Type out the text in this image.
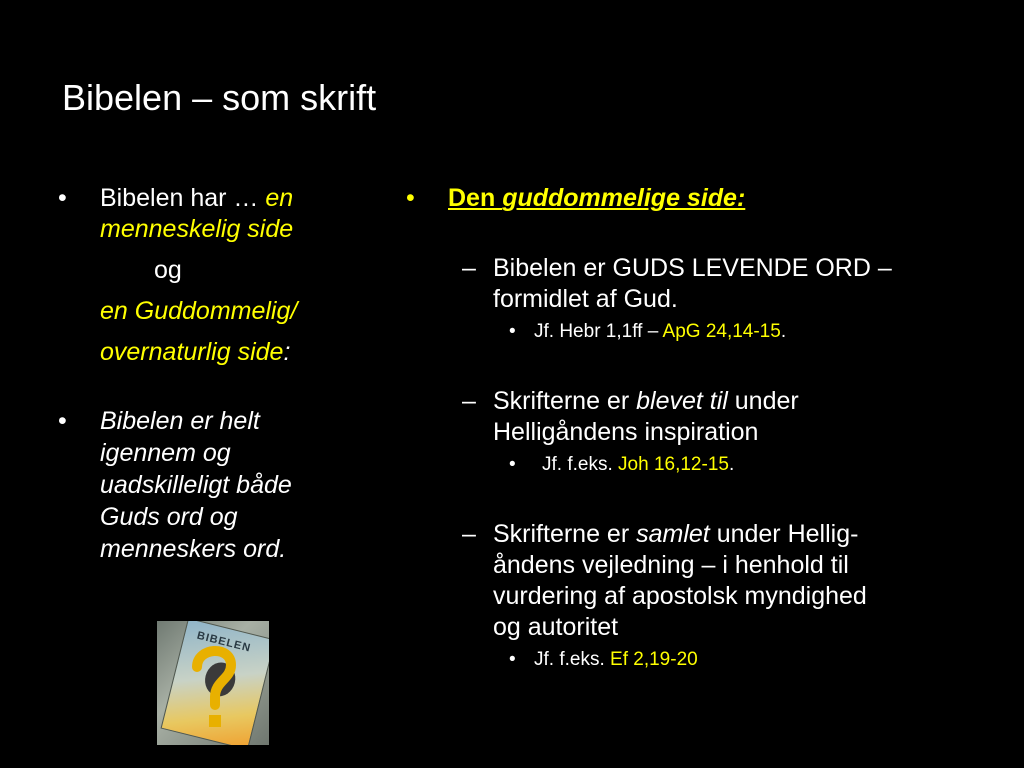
Bibelen – som skrift
•	Bibelen har … en
menneskelig side
og
en Guddommelig/
overnaturlig side:
• Bibelen er helt
igennem og
uadskilleligt både
Guds ord og
menneskers ord.
•	Den guddommelige side:
– Bibelen er GUDS LEVENDE ORD –
formidlet af Gud.
• Jf. Hebr 1,1ff – ApG 24,14-15.
– Skrifterne er blevet til under
Helligåndens inspiration
•	Jf. f.eks. Joh 16,12-15.
– Skrifterne er samlet under Hellig-
åndens vejledning – i henhold til
vurdering af apostolsk myndighed
og autoritet
• Jf. f.eks. Ef 2,19-20
BIBELEN
